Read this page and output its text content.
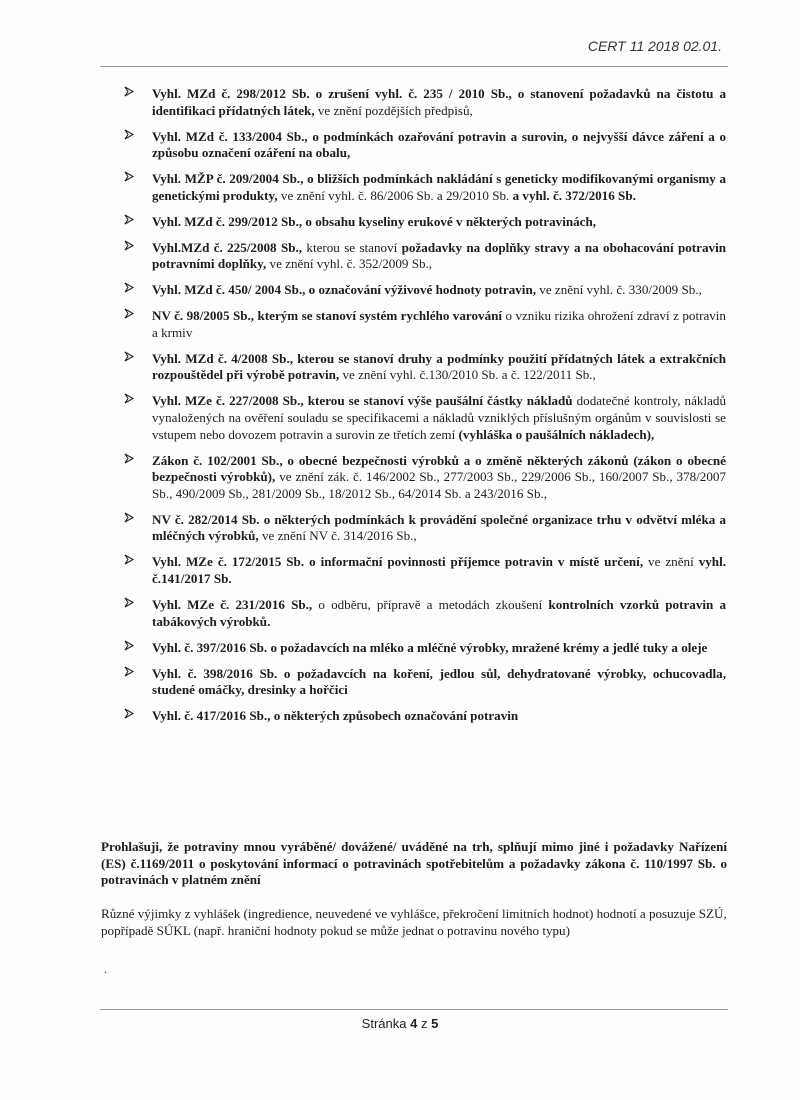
CERT 11 2018 02.01.
Vyhl. MZd č. 298/2012 Sb. o zrušení vyhl. č. 235 / 2010 Sb., o stanovení požadavků na čistotu a identifikaci přídatných látek, ve znění pozdějších předpisů,
Vyhl. MZd č. 133/2004 Sb., o podmínkách ozařování potravin a surovin, o nejvyšší dávce záření a o způsobu označení ozáření na obalu,
Vyhl. MŽP č. 209/2004 Sb., o bližších podmínkách nakládání s geneticky modifikovanými organismy a genetickými produkty, ve znění vyhl. č. 86/2006 Sb. a 29/2010 Sb. a vyhl. č. 372/2016 Sb.
Vyhl. MZd č. 299/2012 Sb., o obsahu kyseliny erukové v některých potravinách,
Vyhl.MZd č. 225/2008 Sb., kterou se stanoví požadavky na doplňky stravy a na obohacování potravin potravními doplňky, ve znění vyhl. č. 352/2009 Sb.,
Vyhl. MZd č. 450/ 2004 Sb., o označování výživové hodnoty potravin, ve znění vyhl. č. 330/2009 Sb.,
NV č. 98/2005 Sb., kterým se stanoví systém rychlého varování o vzniku rizika ohrožení zdraví z potravin a krmiv
Vyhl. MZd č. 4/2008 Sb., kterou se stanoví druhy a podmínky použití přídatných látek a extrakčních rozpouštědel při výrobě potravin, ve znění vyhl. č.130/2010 Sb. a č. 122/2011 Sb.,
Vyhl. MZe č. 227/2008 Sb., kterou se stanoví výše paušální částky nákladů dodatečné kontroly, nákladů vynaložených na ověření souladu se specifikacemi a nákladů vzniklých příslušným orgánům v souvislosti se vstupem nebo dovozem potravin a surovin ze třetích zemí (vyhláška o paušálních nákladech),
Zákon č. 102/2001 Sb., o obecné bezpečnosti výrobků a o změně některých zákonů (zákon o obecné bezpečnosti výrobků), ve znění zák. č. 146/2002 Sb., 277/2003 Sb., 229/2006 Sb., 160/2007 Sb., 378/2007 Sb., 490/2009 Sb., 281/2009 Sb., 18/2012 Sb., 64/2014 Sb. a 243/2016 Sb.,
NV č. 282/2014 Sb. o některých podmínkách k provádění společné organizace trhu v odvětví mléka a mléčných výrobků, ve znění NV č. 314/2016 Sb.,
Vyhl. MZe č. 172/2015 Sb. o informační povinnosti příjemce potravin v místě určení, ve znění vyhl. č.141/2017 Sb.
Vyhl. MZe č. 231/2016 Sb., o odběru, přípravě a metodách zkoušení kontrolních vzorků potravin a tabákových výrobků.
Vyhl. č. 397/2016 Sb. o požadavcích na mléko a mléčné výrobky, mražené krémy a jedlé tuky a oleje
Vyhl. č. 398/2016 Sb. o požadavcích na koření, jedlou sůl, dehydratované výrobky, ochucovadla, studené omáčky, dresinky a hořčici
Vyhl. č. 417/2016 Sb., o některých způsobech označování potravin

Prohlašuji, že potraviny mnou vyráběné/ dovážené/ uváděné na trh, splňují mimo jiné i požadavky Nařízení (ES) č.1169/2011 o poskytování informací o potravinách spotřebitelům a požadavky zákona č. 110/1997 Sb. o potravinách v platném znění

Různé výjimky z vyhlášek (ingredience, neuvedené ve vyhlášce, překročení limitních hodnot) hodnotí a posuzuje SZÚ, popřípadě SÚKL (např. hraniční hodnoty pokud se může jednat o potravinu nového typu)

.
Stránka 4 z 5
